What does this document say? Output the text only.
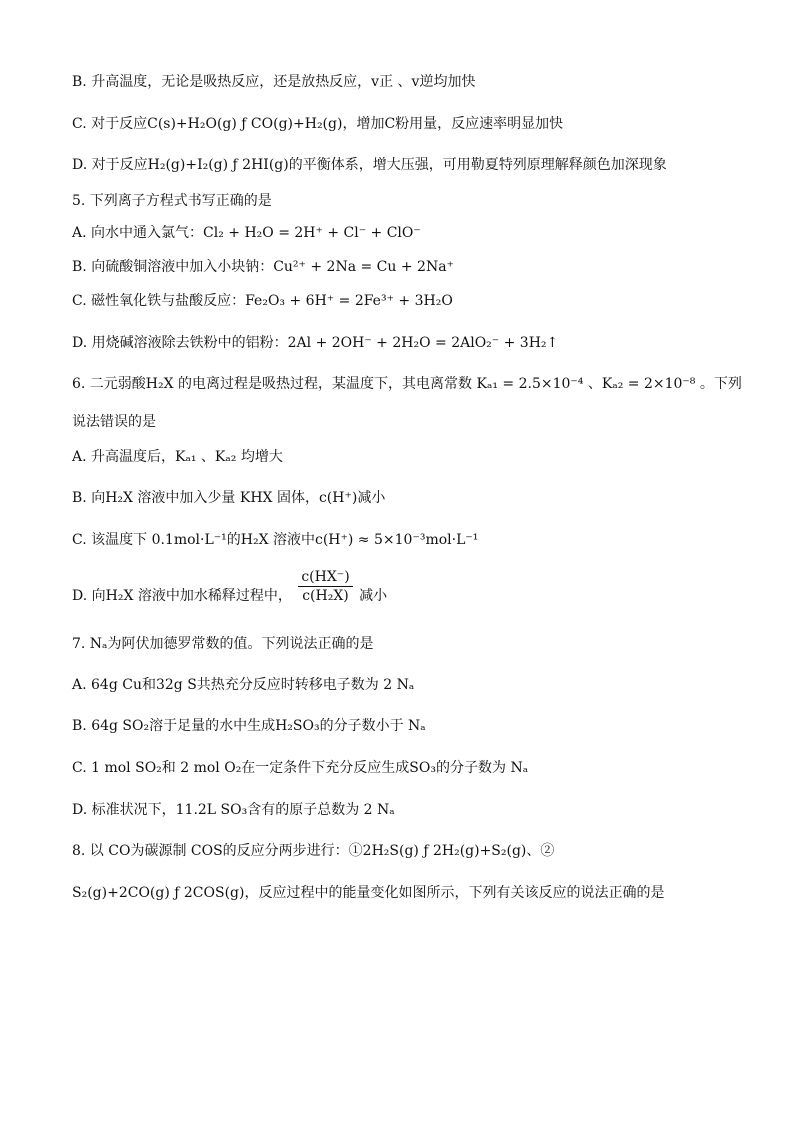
B. 升高温度，无论是吸热反应，还是放热反应，v正 、v逆均加快
C. 对于反应C(s)+H₂O(g) ƒ CO(g)+H₂(g)，增加C粉用量，反应速率明显加快
D. 对于反应H₂(g)+I₂(g) ƒ 2HI(g)的平衡体系，增大压强，可用勒夏特列原理解释颜色加深现象
5. 下列离子方程式书写正确的是
A. 向水中通入氯气：Cl₂ + H₂O = 2H⁺ + Cl⁻ + ClO⁻
B. 向硫酸铜溶液中加入小块钠：Cu²⁺ + 2Na = Cu + 2Na⁺
C. 磁性氧化铁与盐酸反应：Fe₂O₃ + 6H⁺ = 2Fe³⁺ + 3H₂O
D. 用烧碱溶液除去铁粉中的铝粉：2Al + 2OH⁻ + 2H₂O = 2AlO₂⁻ + 3H₂↑
6. 二元弱酸H₂X 的电离过程是吸热过程，某温度下，其电离常数 Kₐ₁ = 2.5×10⁻⁴ 、Kₐ₂ = 2×10⁻⁸ 。下列
说法错误的是
A. 升高温度后，Kₐ₁ 、Kₐ₂ 均增大
B. 向H₂X 溶液中加入少量 KHX 固体，c(H⁺)减小
C. 该温度下 0.1mol·L⁻¹的H₂X 溶液中c(H⁺) ≈ 5×10⁻³mol·L⁻¹
D. 向H₂X 溶液中加水稀释过程中， $\frac{c(HX^-)}{\text{c(H₂X)}}$ 减小
7. Nₐ为阿伏加德罗常数的值。下列说法正确的是
A. 64g Cu和32g S共热充分反应时转移电子数为 2 Nₐ
B. 64g SO₂溶于足量的水中生成H₂SO₃的分子数小于 Nₐ
C. 1 mol SO₂和 2 mol O₂在一定条件下充分反应生成SO₃的分子数为 Nₐ
D. 标准状况下，11.2L SO₃含有的原子总数为 2 Nₐ
8. 以 CO为碳源制 COS的反应分两步进行：①2H₂S(g) ƒ 2H₂(g)+S₂(g)、②
S₂(g)+2CO(g) ƒ 2COS(g)，反应过程中的能量变化如图所示，下列有关该反应的说法正确的是
